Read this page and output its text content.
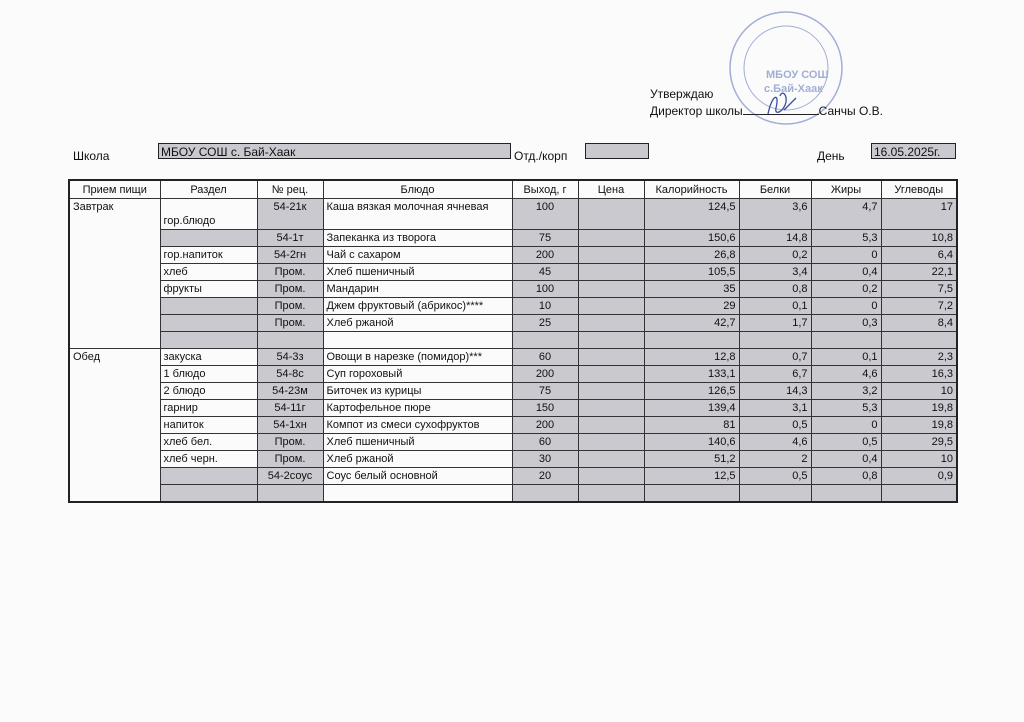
МБОУ СОШ
с.Бай-Хаак
Утверждаю
Директор школы	Санчы О.В.
Школа	МБОУ СОШ с. Бай-Хаак	Отд./корп	День 16.05.2025г.
Прием пищи	Раздел	№ рец.	Блюдо	Выход, г	Цена	Калорийность	Белки	Жиры	Углеводы
Завтрак	гор.блюдо	54-21к	Каша вязкая молочная ячневая	100		124,5	3,6	4,7	17
		54-1т	Запеканка из творога	75		150,6	14,8	5,3	10,8
	гор.напиток	54-2гн	Чай с сахаром	200		26,8	0,2	0	6,4
	хлеб	Пром.	Хлеб пшеничный	45		105,5	3,4	0,4	22,1
	фрукты	Пром.	Мандарин	100		35	0,8	0,2	7,5
		Пром.	Джем фруктовый (абрикос)****	10		29	0,1	0	7,2
		Пром.	Хлеб ржаной	25		42,7	1,7	0,3	8,4

Обед	закуска	54-3з	Овощи в нарезке (помидор)***	60		12,8	0,7	0,1	2,3
	1 блюдо	54-8с	Суп гороховый	200		133,1	6,7	4,6	16,3
	2 блюдо	54-23м	Биточек из курицы	75		126,5	14,3	3,2	10
	гарнир	54-11г	Картофельное пюре	150		139,4	3,1	5,3	19,8
	напиток	54-1хн	Компот из смеси сухофруктов	200		81	0,5	0	19,8
	хлеб бел.	Пром.	Хлеб пшеничный	60		140,6	4,6	0,5	29,5
	хлеб черн.	Пром.	Хлеб ржаной	30		51,2	2	0,4	10
		54-2соус	Соус белый основной	20		12,5	0,5	0,8	0,9
